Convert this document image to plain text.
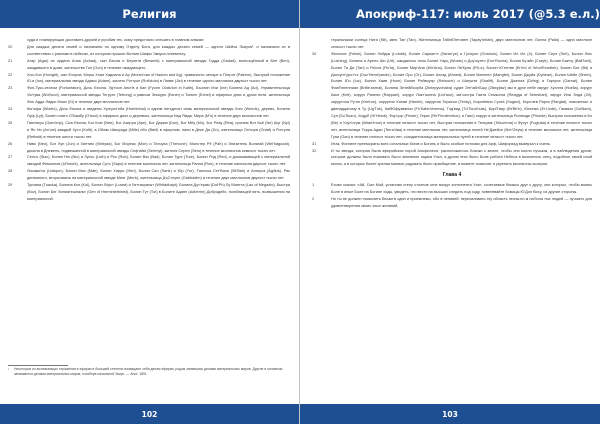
Религия
худа и планирующая доставить друзей и угробив тех, кому предстояло спешить в главном алмазе.
20	Для каждых десяти семей и назначили по одному Отделу Бога, для каждых десяти семей — одного Шейха Экиуса¹, и назначили их в соответствии с рангами в небесах, их которым прошли Вотние Шифы Экиуса понемногу.
21	Атар (Agar) из ордена Ачаа (Achaa), сын Еаона и Беуэнти (Bewenti) с материальной звезды Годда (Gadad), воплощённый в Бен (Ben), ожидавшего в доме, жительство Гон (Gon) в течение ожидающего..
22	Хоп-Хоп (Hoxight), сын Ехоров, Морш Хоан Хадоана и Ар (Morsh'oan of Hadom and Ag), травянисто-четыре и Потрот (Patrem), быстрый положение Ю-и (Ion), материальная звезда Адамо (Adam), жилеть Рогтуон (Rothkuin) в Лязве (Jizi) в течение одного миллиона двухсот тысяч лет.
23	Фон-Туко-итатом (Fortuntaton), Дочь Еюона, Уд'тион Анкт'в и Кан (Fyonn Oods'ton in Kaith), Бъолин Ичи (Ine) Болена Ад (Ad), Управительница Уол'ува (Wol'lund), материальной звезды Тегрунг (Tetrung) и равном Эпскурн (Esner) и Тонкен (Echel) в эфирных днях и духах нити, жительница Фон Адда Ладис Моис (Ki) в течение двух миллионов лет.
24	Кю'зира (Wizelo), Дочь Еюона и сведены Хуэгуол'еба (Huerimbal) и одним пятьдесят семь материальной звезды Хигс (Weeds), дерево, Болеля Луф (Lyf), Болин плато О'Бамбу (O'bool) в эфирных днях и деревьях, жительница Над Ямда, Мира (М'о) в течение двух миллионов лет.
25	Ганк'веро (Gam'imp), Сын Еюона, Бог Кою (Nee), Бог Азерра (Ape), Бог Дарма (Don), Бог Мёу (Mu), Бог Реау (Rea), причем Вот Бьё (Ne) Шуг (Nyl) и Ян Ни (An'uni) каждый Хуто (Kulti), в Облак Шморода (Mille) ибо (Baril) в эфирном, пали в Деке Да (Do), жительница Оп'хора (Ontaf) и Рогтуна (Rethwit) в течение шести тысяч лет.
26	Ниво (Neo), Бог Хун (Jun) и Хинтим (Vintiyad), Бог Мореас (Mon) и Тесчуна (Thevune), Мъестер Рё (Pah) и Элизитель Волагай (Wel'hagudat), дисина в Дневенъ, подвешанной в материальной звезды Сеф'ийм (Serimyl), жителя Серен (Sers) в течение миллионов семисот тысяч лет.
27	Сенсо (Stzc), Болин Ню (Nio) и Лутко (Luth) и Рос (Rob), Болин Вэк (Bad), Болин Туре (Ture), Болин Рид (Red), и доказывающей с материальной звездой Фемоннов (Ul'lmuht), жительница Суто (Sapo) в течение миллиона лет, жительница Ранна (Ron), в течение миллиона двухсот тысяч лет.
28	Лисяжи'ха (Listiqon), Болин Мах (Mah), Болин Хирри (Hirri), Болин Сан (Sanir) и Юр (Yur), Талочка Сет'Вахи (Sit'Bah) и Аглиуса (Agilius), Рак денюмного, вторылажна на материальной звезде Меиг (Merb), жительница ДъСтоуне (Gabbadim) в течение двух миллионов двухсот тысяч лет.
29	Тукчина (Tuacka), Болина Кол (Kol), Болин Лоуст (Lowst) и Уиттазратыт (Whitadhapt), Болина Дут'ерам (Dut'Ph) Лу Мантта (Lao of Megazto), Быстра (Boz), Болин Бег Хиниатешнальт (Gen of Hermintethinist), Болин Тут (Tut) в Болите Аданн (Adberhn) Добродейх, погибающей пить, возвышения на материальной.
¹	Некоторые из возникающих отражения в эфирии в большей степени посвящают себя делам эфирии, родом занявшись делами материальных миров. Другие в основном занимаются делами материальных миров, погибнув начальной Экиус. — Ahor. 1891
102
Апокриф-117: июль 2017 (@5.3 e.л.)
теральными солнца Нита (Nit), звея Тан (Tan), Жительница ТабейЭнтовен (Tapay'rintah), двух миллионов лет, Лалла (Palla) — одни миллион сельсот тысяч лет.
30	Феллисе (Felsie), Болин Лобдик (Lobdik), Болин Сармит'е (Saran'ye) и Гуолуон (Gnarlulo), Болин Ил Ил (Ir), Болин Серэ (Serl), Болин Люс (Lushing), Болина и Арелъ Ши (Urt), ожидалось поль Болин Уарц (Wuntz) и Доу'жунто (Dor'Rucha), Болин Ку'айн (Crayh), Болин Бак'ну (Ball'Noll), Болин Та Ди (Tarl) и Ра'ита (Ru'ta), Болин Мир'Ана (Mir'Ana), Болин Ли'Куля (Ri'La), Болин Ю'ентве (Erl'nd of Woolf'hunther), Болин Бит (Bit) и Дассунт'урот'сх (Duz'Hemt'pando), Болин Оро (Or), Болин Ахоэд (Ahoed), Болин Мангпел (Mangfel), Болин Джуйа (Dyhean), Болин Шейн (Shein), Болин Юч (Iuz), Болин Хаив (Honn) Болин Рейвоуэр (Reiwone) и Шагуити (Shalitf), Болин Джелла (Dzing) и Гаргуна (Garnal), Болин Фоиб'ппенниал (Britte'anmal), Болина Элтейй'коуба (Zintepyvchaba) судзе Элт'айн'Бшу (Zttwyjtaz) мы в духе небе хирург Хуэлла (Huella), хирург Касе (Keli), хирург Рапени (Rappani), хирург Ликт'аонна (Lixt'aon), ми'хостра Гаита Семконга (Reagga of Setnshart), хирург Ина Элда (Zli), хирургона Ру'ан (Keriron), хирургия Ханаи (Hanhe), хирургия Терисси (Terisy), Королёвна Суэта (Sugeci), Королев Рарта (Rargtat), описанные и двенадцатому в Ту (Ug'Tuk), КабЮфузвания (Fn'Kabb'vivema), Тэд'вид (Td'Toud'nuts), БирП'вир (Br'Bir'b), Юпинка (Er'Unde), Гаммия (Ga'Nam), Сун (Su'Suan), Хидуб (Hi'Hidub), Фир'уор (Firwer), Герис (Re'Finufemrtue), и Ганн) хирург в жительница Рилюнде (Pilunde) быстрая положения в Бэ (Be) и Уэул'лгум (Wase'trow) в течение пятисот тысяч лет, быстрая положения в Тельуме (Teluvema) и Фусут (Fugtuka) в течение пятисот тысяч лет, жительница Терра-Адаи (Terra'daa) в течение миллиона лет, жительница полей Не'Джейсе (Ner'Geyw) в течение миллиона лет, жительница Гуна (Gan) в течение пятисот тысяч лет, созидательница материальных путей в течение пятисот тысяч лет.
31	Итак, Фиглине преемораты всех остальных богов и Богинь и было особые потомки для Арф, Шифорхад вызвучал к очень.
32	И ты звезда, которая была эфирийских порой Альфилеон, расположилось Близко к земле, чтобы они могли лучшим, а в наблюдения духов, которые должны было пожевать было земляное ящика Уэзл, а духом этих было Боле работа Небеса в выполнять отец, подобное своей иной молок, а в которых более зрелая миляль радовать было приобщение, в момент позволят и укрепить миллионы ассерия.
Глава 4
1	Ехово сказал: «Ай, Сын Мой, установи стену столпов огне вокруг континента Уэзл, сочетаемое ближко друг к другу, они которых, чтобы воины Боле в иные Боле на Богине ходы, увидеть, что вести на высших следить под ходу, повелевайте бомацы Ю'Дон Воху, из другие стороны.
2	Но ты не должен позволить бесам в один и приемлемо, обо в ленивей, пересиливать эту область незна-но м на'бола тых людей — лучшего для удовлетворения своих злых желаний.
103
